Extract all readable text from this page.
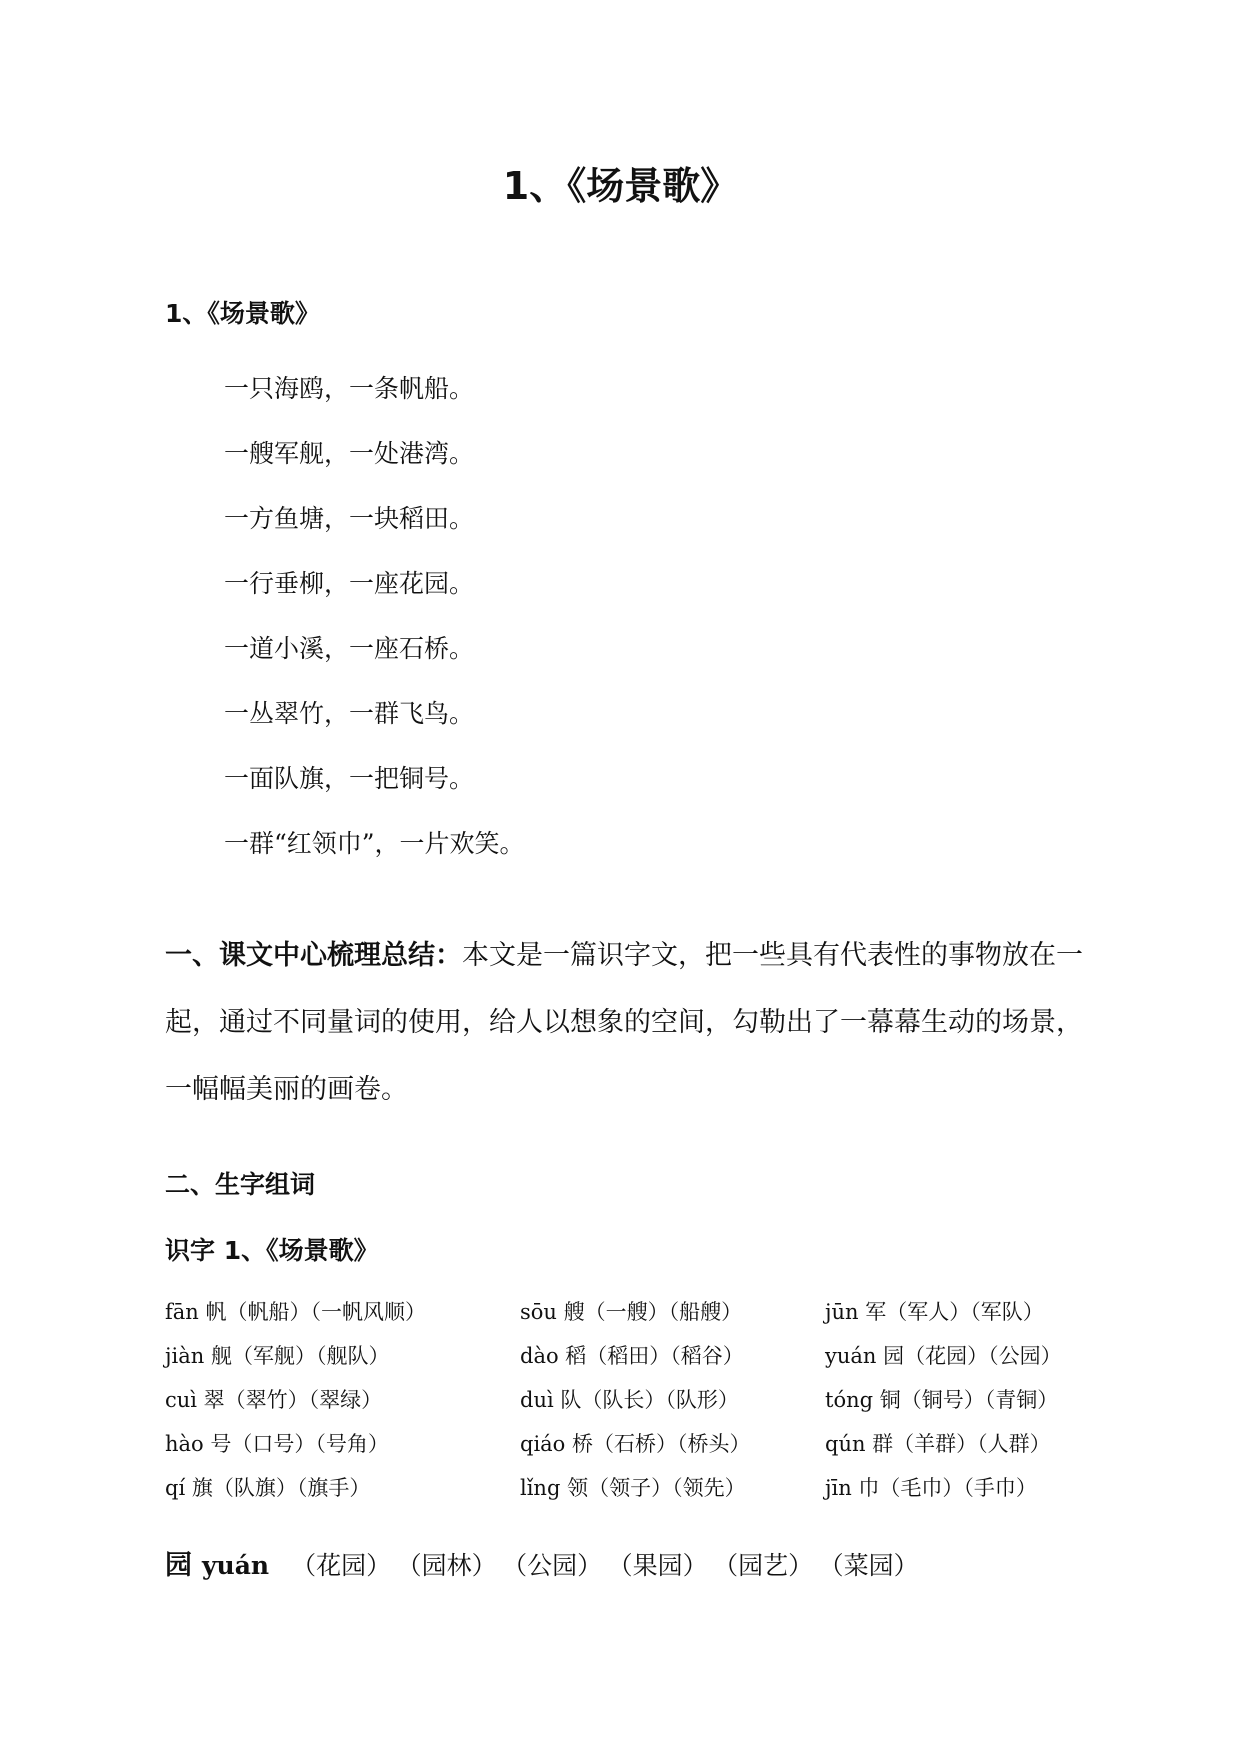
1、《场景歌》
1、《场景歌》
一只海鸥，一条帆船。
一艘军舰，一处港湾。
一方鱼塘，一块稻田。
一行垂柳，一座花园。
一道小溪，一座石桥。
一丛翠竹，一群飞鸟。
一面队旗，一把铜号。
一群“红领巾”，一片欢笑。
一、课文中心梳理总结：本文是一篇识字文，把一些具有代表性的事物放在一起，通过不同量词的使用，给人以想象的空间，勾勒出了一幕幕生动的场景，一幅幅美丽的画卷。
二、生字组词
识字 1、《场景歌》
fān 帆（帆船）（一帆风顺）	sōu 艘（一艘）（船艘）	jūn 军（军人）（军队）
jiàn 舰（军舰）（舰队）	dào 稻（稻田）（稻谷）	yuán 园（花园）（公园）
cuì 翠（翠竹）（翠绿）	duì 队（队长）（队形）	tóng 铜（铜号）（青铜）
hào 号（口号）（号角）	qiáo 桥（石桥）（桥头）	qún 群（羊群）（人群）
qí 旗（队旗）（旗手）	lǐng 领（领子）（领先）	jīn 巾（毛巾）（手巾）
园 yuán （花园） （园林） （公园） （果园） （园艺） （菜园）
